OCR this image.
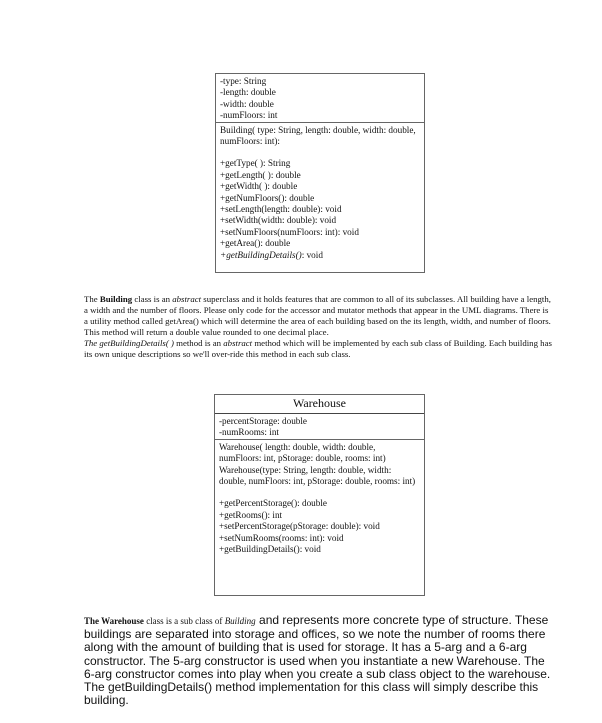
-type: String
-length: double
-width: double
-numFloors: int
Building( type: String, length: double, width: double, numFloors: int):
+getType( ): String
+getLength( ): double
+getWidth( ): double
+getNumFloors(): double
+setLength(length: double): void
+setWidth(width: double): void
+setNumFloors(numFloors: int): void
+getArea(): double
+getBuildingDetails(): void
The Building class is an abstract superclass and it holds features that are common to all of its subclasses. All building have a length, a width and the number of floors. Please only code for the accessor and mutator methods that appear in the UML diagrams. There is a utility method called getArea() which will determine the area of each building based on the its length, width, and number of floors. This method will return a double value rounded to one decimal place.
The getBuildingDetails( ) method is an abstract method which will be implemented by each sub class of Building. Each building has its own unique descriptions so we'll over-ride this method in each sub class.
Warehouse
-percentStorage: double
-numRooms: int
Warehouse( length: double, width: double, numFloors: int, pStorage: double, rooms: int)
Warehouse(type: String, length: double, width: double, numFloors: int, pStorage: double, rooms: int)
+getPercentStorage(): double
+getRooms(): int
+setPercentStorage(pStorage: double): void
+setNumRooms(rooms: int): void
+getBuildingDetails(): void
The Warehouse class is a sub class of Building and represents more concrete type of structure. These buildings are separated into storage and offices, so we note the number of rooms there along with the amount of building that is used for storage. It has a 5-arg and a 6-arg constructor. The 5-arg constructor is used when you instantiate a new Warehouse. The 6-arg constructor comes into play when you create a sub class object to the warehouse.
The getBuildingDetails() method implementation for this class will simply describe this building.
